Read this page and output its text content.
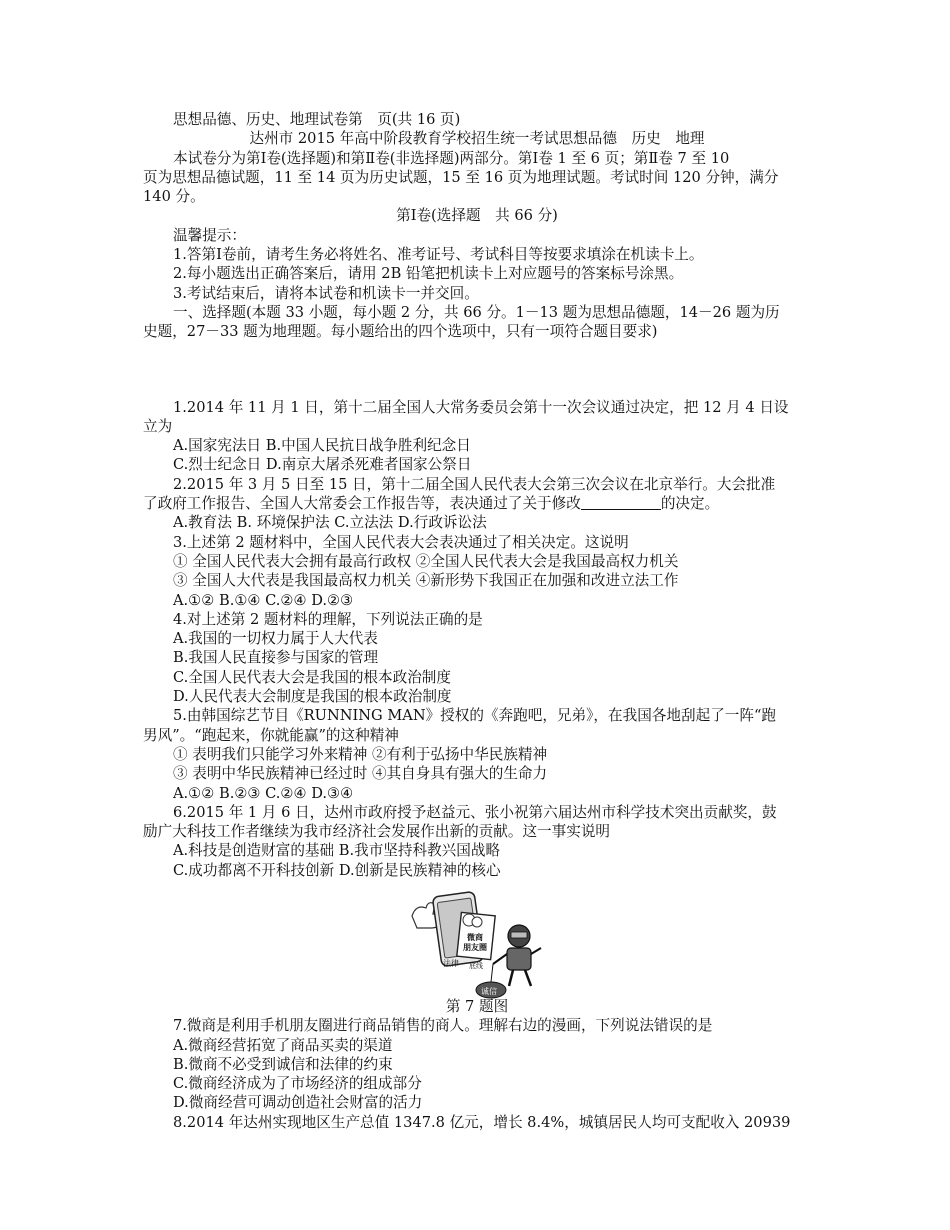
思想品德、历史、地理试卷第　页(共 16 页)
达州市 2015 年高中阶段教育学校招生统一考试思想品德　历史　地理
本试卷分为第Ⅰ卷(选择题)和第Ⅱ卷(非选择题)两部分。第Ⅰ卷 1 至 6 页；第Ⅱ卷 7 至 10
页为思想品德试题，11 至 14 页为历史试题，15 至 16 页为地理试题。考试时间 120 分钟，满分
140 分。
第Ⅰ卷(选择题　共 66 分)
温馨提示：
1.答第Ⅰ卷前，请考生务必将姓名、准考证号、考试科目等按要求填涂在机读卡上。
2.每小题选出正确答案后，请用 2B 铅笔把机读卡上对应题号的答案标号涂黑。
3.考试结束后，请将本试卷和机读卡一并交回。
一、选择题(本题 33 小题，每小题 2 分，共 66 分。1－13 题为思想品德题，14－26 题为历
史题，27－33 题为地理题。每小题给出的四个选项中，只有一项符合题目要求)
1.2014 年 11 月 1 日，第十二届全国人大常务委员会第十一次会议通过决定，把 12 月 4 日设
立为
A.国家宪法日 B.中国人民抗日战争胜利纪念日
C.烈士纪念日 D.南京大屠杀死难者国家公祭日
2.2015 年 3 月 5 日至 15 日，第十二届全国人民代表大会第三次会议在北京举行。大会批准
了政府工作报告、全国人大常委会工作报告等，表决通过了关于修改	的决定。
A.教育法 B. 环境保护法 C.立法法 D.行政诉讼法
3.上述第 2 题材料中，全国人民代表大会表决通过了相关决定。这说明
① 全国人民代表大会拥有最高行政权 ②全国人民代表大会是我国最高权力机关
③ 全国人大代表是我国最高权力机关 ④新形势下我国正在加强和改进立法工作
A.①② B.①④ C.②④ D.②③
4.对上述第 2 题材料的理解，下列说法正确的是
A.我国的一切权力属于人大代表
B.我国人民直接参与国家的管理
C.全国人民代表大会是我国的根本政治制度
D.人民代表大会制度是我国的根本政治制度
5.由韩国综艺节目《RUNNING MAN》授权的《奔跑吧，兄弟》，在我国各地刮起了一阵“跑
男风”。“跑起来，你就能赢”的这种精神
① 表明我们只能学习外来精神 ②有利于弘扬中华民族精神
③ 表明中华民族精神已经过时 ④其自身具有强大的生命力
A.①② B.②③ C.②④ D.③④
6.2015 年 1 月 6 日，达州市政府授予赵益元、张小祝第六届达州市科学技术突出贡献奖，鼓
励广大科技工作者继续为我市经济社会发展作出新的贡献。这一事实说明
A.科技是创造财富的基础 B.我市坚持科教兴国战略
C.成功都离不开科技创新 D.创新是民族精神的核心
微商
朋友圈
法律 底线
诚信
第 7 题图
7.微商是利用手机朋友圈进行商品销售的商人。理解右边的漫画，下列说法错误的是
A.微商经营拓宽了商品买卖的渠道
B.微商不必受到诚信和法律的约束
C.微商经济成为了市场经济的组成部分
D.微商经营可调动创造社会财富的活力
8.2014 年达州实现地区生产总值 1347.8 亿元，增长 8.4%，城镇居民人均可支配收入 20939
